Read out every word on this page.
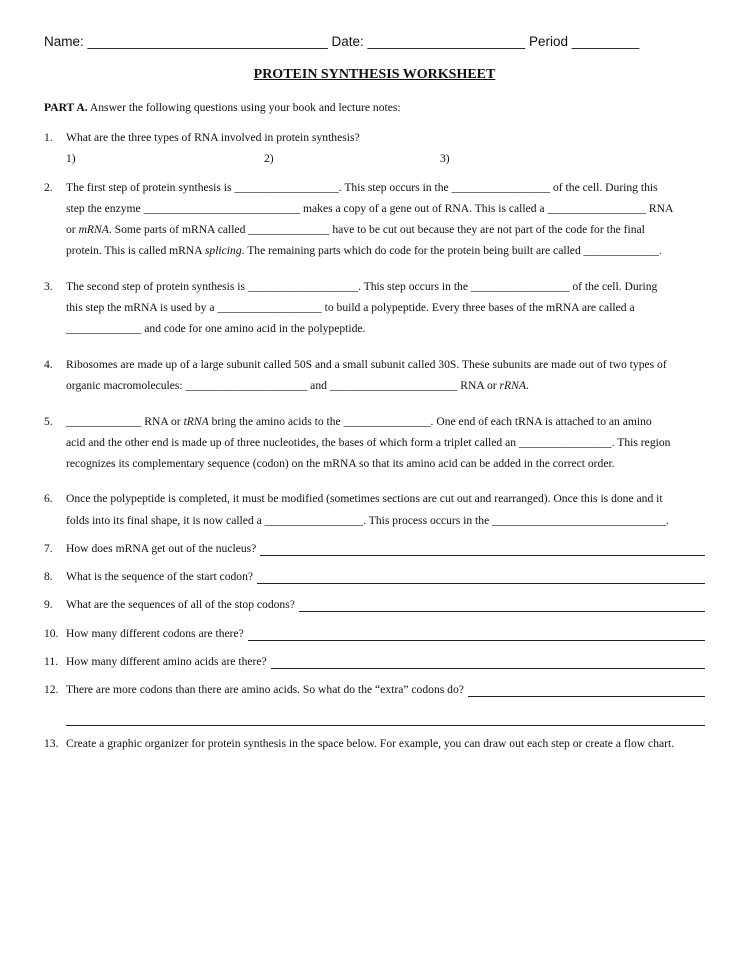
Name: ________________________________ Date: _____________________ Period _________
PROTEIN SYNTHESIS WORKSHEET
PART A. Answer the following questions using your book and lecture notes:
1. What are the three types of RNA involved in protein synthesis?
1)	2)	3)
2. The first step of protein synthesis is __________________. This step occurs in the _________________ of the cell. During this
step the enzyme ___________________________ makes a copy of a gene out of RNA. This is called a _________________ RNA
or mRNA. Some parts of mRNA called ______________ have to be cut out because they are not part of the code for the final
protein. This is called mRNA splicing. The remaining parts which do code for the protein being built are called _____________.
3. The second step of protein synthesis is ___________________. This step occurs in the _________________ of the cell. During
this step the mRNA is used by a __________________ to build a polypeptide. Every three bases of the mRNA are called a
_____________ and code for one amino acid in the polypeptide.
4. Ribosomes are made up of a large subunit called 50S and a small subunit called 30S. These subunits are made out of two types of
organic macromolecules: _____________________ and ______________________ RNA or rRNA.
5. _____________ RNA or tRNA bring the amino acids to the _______________. One end of each tRNA is attached to an amino
acid and the other end is made up of three nucleotides, the bases of which form a triplet called an ________________. This region
recognizes its complementary sequence (codon) on the mRNA so that its amino acid can be added in the correct order.
6. Once the polypeptide is completed, it must be modified (sometimes sections are cut out and rearranged). Once this is done and it
folds into its final shape, it is now called a _________________. This process occurs in the ______________________________.
7.	How does mRNA get out of the nucleus?
8.	What is the sequence of the start codon?
9.	What are the sequences of all of the stop codons?
10. How many different codons are there?
11. How many different amino acids are there?
12. There are more codons than there are amino acids. So what do the “extra” codons do?
13. Create a graphic organizer for protein synthesis in the space below. For example, you can draw out each step or create a flow chart.
